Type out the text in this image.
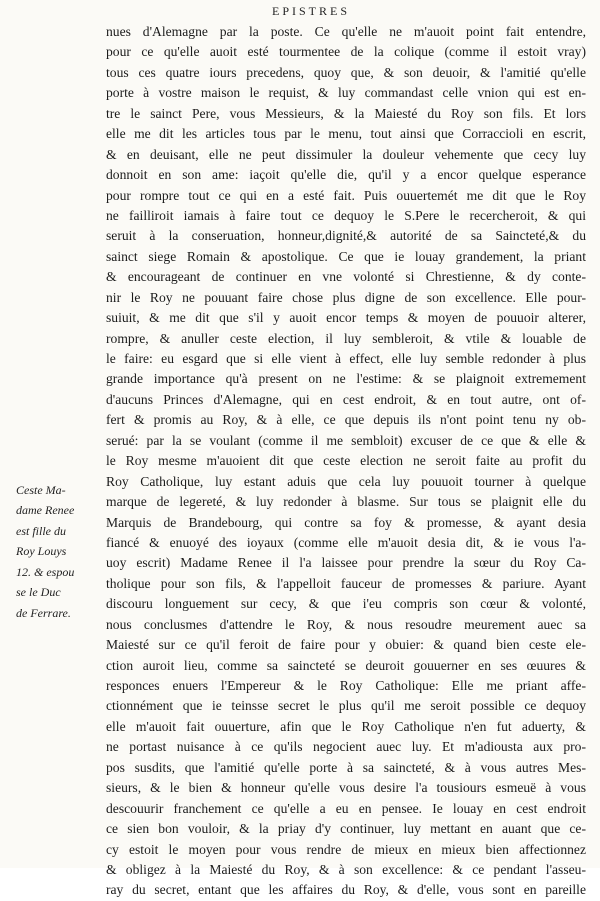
EPISTRES
nues d'Alemagne par la poste. Ce qu'elle ne m'auoit point fait entendre,
pour ce qu'elle auoit esté tourmentee de la colique (comme il estoit vray)
tous ces quatre iours precedens, quoy que, & son deuoir, & l'amitié qu'elle
porte à vostre maison le requist, & luy commandast celle vnion qui est en-
tre le sainct Pere, vous Messieurs, & la Maiesté du Roy son fils. Et lors
elle me dit les articles tous par le menu, tout ainsi que Corraccioli en escrit,
& en deuisant, elle ne peut dissimuler la douleur vehemente que cecy luy
donnoit en son ame: iaçoit qu'elle die, qu'il y a encor quelque esperance
pour rompre tout ce qui en a esté fait. Puis ouuertemét me dit que le Roy
ne failliroit iamais à faire tout ce dequoy le S.Pere le recercheroit, & qui
seruit à la conseruation, honneur,dignité,& autorité de sa Saincteté,& du
sainct siege Romain & apostolique. Ce que ie louay grandement, la priant
& encourageant de continuer en vne volonté si Chrestienne, & dy conte-
nir le Roy ne pouuant faire chose plus digne de son excellence. Elle pour-
suiuit, & me dit que s'il y auoit encor temps & moyen de pouuoir alterer,
rompre, & anuller ceste election, il luy sembleroit, & vtile & louable de
le faire: eu esgard que si elle vient à effect, elle luy semble redonder à plus
grande importance qu'à present on ne l'estime: & se plaignoit extremement
d'aucuns Princes d'Alemagne, qui en cest endroit, & en tout autre, ont of-
fert & promis au Roy, & à elle, ce que depuis ils n'ont point tenu ny ob-
serué: par la se voulant (comme il me sembloit) excuser de ce que & elle &
le Roy mesme m'auoient dit que ceste election ne seroit faite au profit du
Roy Catholique, luy estant aduis que cela luy pouuoit tourner à quelque
marque de legereté, & luy redonder à blasme. Sur tous se plaignit elle du
Marquis de Brandebourg, qui contre sa foy & promesse, & ayant desia
fiancé & enuoyé des ioyaux (comme elle m'auoit desia dit, & ie vous l'a-
uoy escrit) Madame Renee il l'a laissee pour prendre la sœur du Roy Ca-
tholique pour son fils, & l'appelloit fauceur de promesses & pariure. Ayant
discouru longuement sur cecy, & que i'eu compris son cœur & volonté,
nous conclusmes d'attendre le Roy, & nous resoudre meurement auec sa
Maiesté sur ce qu'il feroit de faire pour y obuier: & quand bien ceste ele-
ction auroit lieu, comme sa saincteté se deuroit gouuerner en ses œuures &
responces enuers l'Empereur & le Roy Catholique: Elle me priant affe-
ctionnément que ie teinsse secret le plus qu'il me seroit possible ce dequoy
elle m'auoit fait ouuerture, afin que le Roy Catholique n'en fut aduerty, &
ne portast nuisance à ce qu'ils negocient auec luy. Et m'adiousta aux pro-
pos susdits, que l'amitié qu'elle porte à sa saincteté, & à vous autres Mes-
sieurs, & le bien & honneur qu'elle vous desire l'a tousiours esmeuë à vous
descouurir franchement ce qu'elle a eu en pensee. Ie louay en cest endroit
ce sien bon vouloir, & la priay d'y continuer, luy mettant en auant que ce-
cy estoit le moyen pour vous rendre de mieux en mieux bien affectionnez
& obligez à la Maiesté du Roy, & à son excellence: & ce pendant l'asseu-
ray du secret, entant que les affaires du Roy, & d'elle, vous sont en pareille
Ceste Ma-
dame Renee
est fille du
Roy Louys
12. & espou
se le Duc
de Ferrare.
